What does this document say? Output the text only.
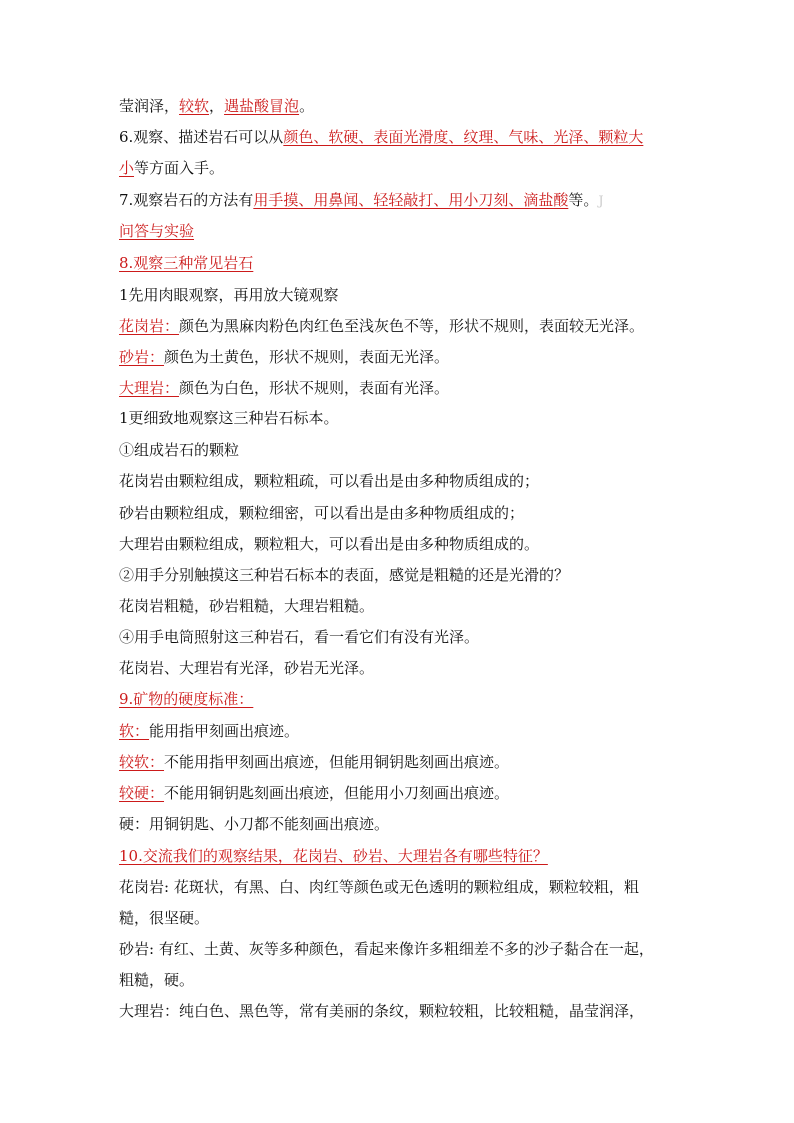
莹润泽，较软，遇盐酸冒泡。
6.观察、描述岩石可以从颜色、软硬、表面光滑度、纹理、气味、光泽、颗粒大
小等方面入手。
7.观察岩石的方法有用手摸、用鼻闻、轻轻敲打、用小刀刻、滴盐酸等。J
问答与实验
8.观察三种常见岩石
1先用肉眼观察，再用放大镜观察
花岗岩：颜色为黑麻肉粉色肉红色至浅灰色不等，形状不规则，表面较无光泽。
砂岩：颜色为土黄色，形状不规则，表面无光泽。
大理岩：颜色为白色，形状不规则，表面有光泽。
1更细致地观察这三种岩石标本。
①组成岩石的颗粒
花岗岩由颗粒组成，颗粒粗疏，可以看出是由多种物质组成的；
砂岩由颗粒组成，颗粒细密，可以看出是由多种物质组成的；
大理岩由颗粒组成，颗粒粗大，可以看出是由多种物质组成的。
②用手分别触摸这三种岩石标本的表面，感觉是粗糙的还是光滑的？
花岗岩粗糙，砂岩粗糙，大理岩粗糙。
④用手电筒照射这三种岩石，看一看它们有没有光泽。
花岗岩、大理岩有光泽，砂岩无光泽。
9.矿物的硬度标准：
软：能用指甲刻画出痕迹。
较软：不能用指甲刻画出痕迹，但能用铜钥匙刻画出痕迹。
较硬：不能用铜钥匙刻画出痕迹，但能用小刀刻画出痕迹。
硬：用铜钥匙、小刀都不能刻画出痕迹。
10.交流我们的观察结果，花岗岩、砂岩、大理岩各有哪些特征？
花岗岩: 花斑状，有黑、白、肉红等颜色或无色透明的颗粒组成，颗粒较粗，粗
糙，很坚硬。
砂岩: 有红、土黄、灰等多种颜色，看起来像许多粗细差不多的沙子黏合在一起，
粗糙，硬。
大理岩：纯白色、黑色等，常有美丽的条纹，颗粒较粗，比较粗糙，晶莹润泽，
